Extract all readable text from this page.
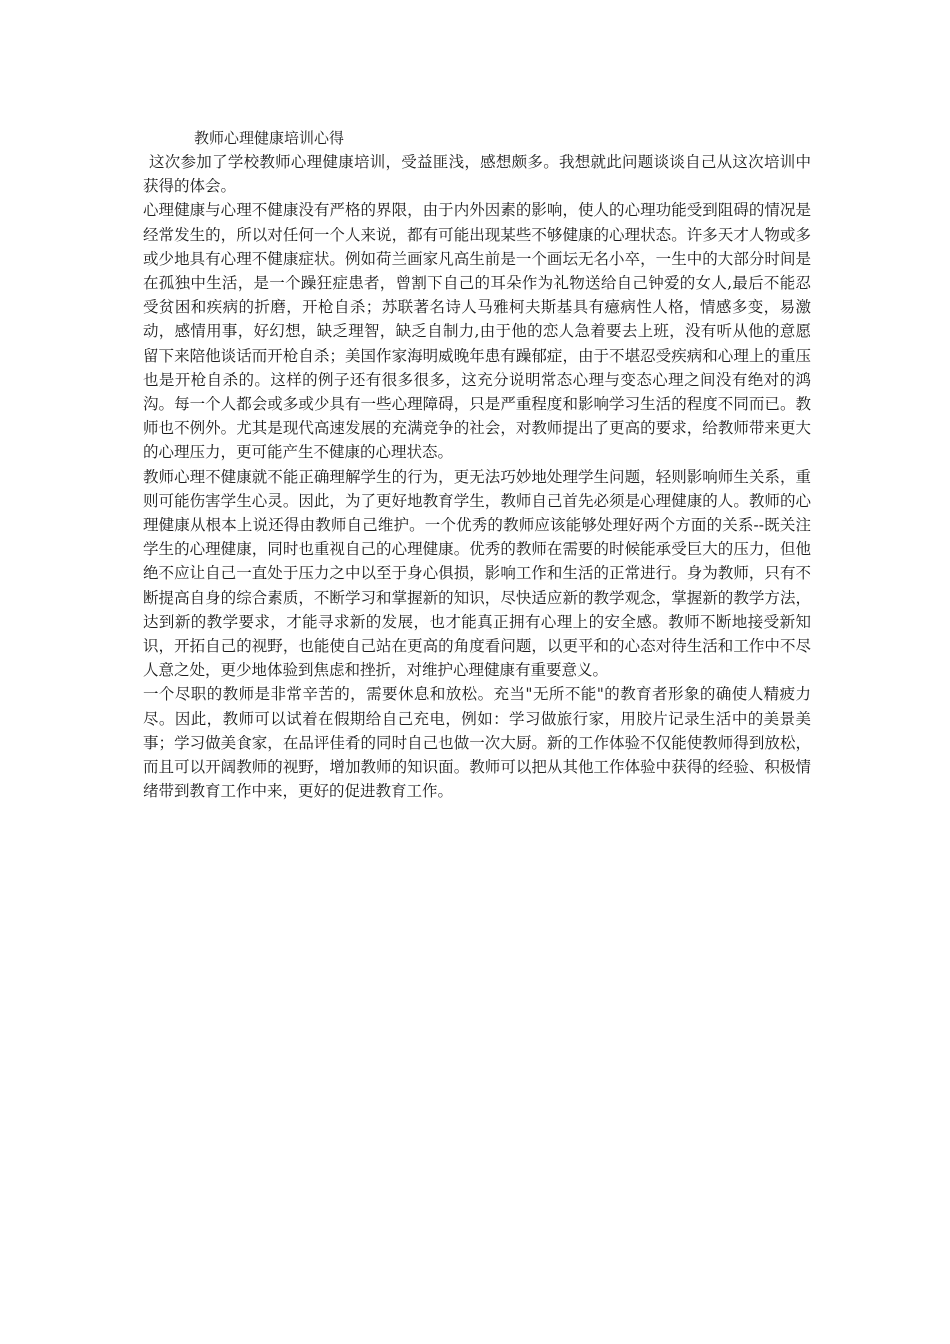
教师心理健康培训心得

这次参加了学校教师心理健康培训，受益匪浅，感想颇多。我想就此问题谈谈自己从这次培训中获得的体会。

心理健康与心理不健康没有严格的界限，由于内外因素的影响，使人的心理功能受到阻碍的情况是经常发生的，所以对任何一个人来说，都有可能出现某些不够健康的心理状态。许多天才人物或多或少地具有心理不健康症状。例如荷兰画家凡高生前是一个画坛无名小卒，一生中的大部分时间是在孤独中生活，是一个躁狂症患者，曾割下自己的耳朵作为礼物送给自己钟爱的女人,最后不能忍受贫困和疾病的折磨，开枪自杀；苏联著名诗人马雅柯夫斯基具有癔病性人格，情感多变，易激动，感情用事，好幻想，缺乏理智，缺乏自制力,由于他的恋人急着要去上班，没有听从他的意愿留下来陪他谈话而开枪自杀；美国作家海明威晚年患有躁郁症，由于不堪忍受疾病和心理上的重压也是开枪自杀的。这样的例子还有很多很多，这充分说明常态心理与变态心理之间没有绝对的鸿沟。每一个人都会或多或少具有一些心理障碍，只是严重程度和影响学习生活的程度不同而已。教师也不例外。尤其是现代高速发展的充满竞争的社会，对教师提出了更高的要求，给教师带来更大的心理压力，更可能产生不健康的心理状态。

教师心理不健康就不能正确理解学生的行为，更无法巧妙地处理学生问题，轻则影响师生关系，重则可能伤害学生心灵。因此，为了更好地教育学生，教师自己首先必须是心理健康的人。教师的心理健康从根本上说还得由教师自己维护。一个优秀的教师应该能够处理好两个方面的关系--既关注学生的心理健康，同时也重视自己的心理健康。优秀的教师在需要的时候能承受巨大的压力，但他绝不应让自己一直处于压力之中以至于身心俱损，影响工作和生活的正常进行。身为教师，只有不断提高自身的综合素质，不断学习和掌握新的知识，尽快适应新的教学观念，掌握新的教学方法，达到新的教学要求，才能寻求新的发展，也才能真正拥有心理上的安全感。教师不断地接受新知识，开拓自己的视野，也能使自己站在更高的角度看问题，以更平和的心态对待生活和工作中不尽人意之处，更少地体验到焦虑和挫折，对维护心理健康有重要意义。

一个尽职的教师是非常辛苦的，需要休息和放松。充当"无所不能"的教育者形象的确使人精疲力尽。因此，教师可以试着在假期给自己充电，例如：学习做旅行家，用胶片记录生活中的美景美事；学习做美食家，在品评佳肴的同时自己也做一次大厨。新的工作体验不仅能使教师得到放松，而且可以开阔教师的视野，增加教师的知识面。教师可以把从其他工作体验中获得的经验、积极情绪带到教育工作中来，更好的促进教育工作。
